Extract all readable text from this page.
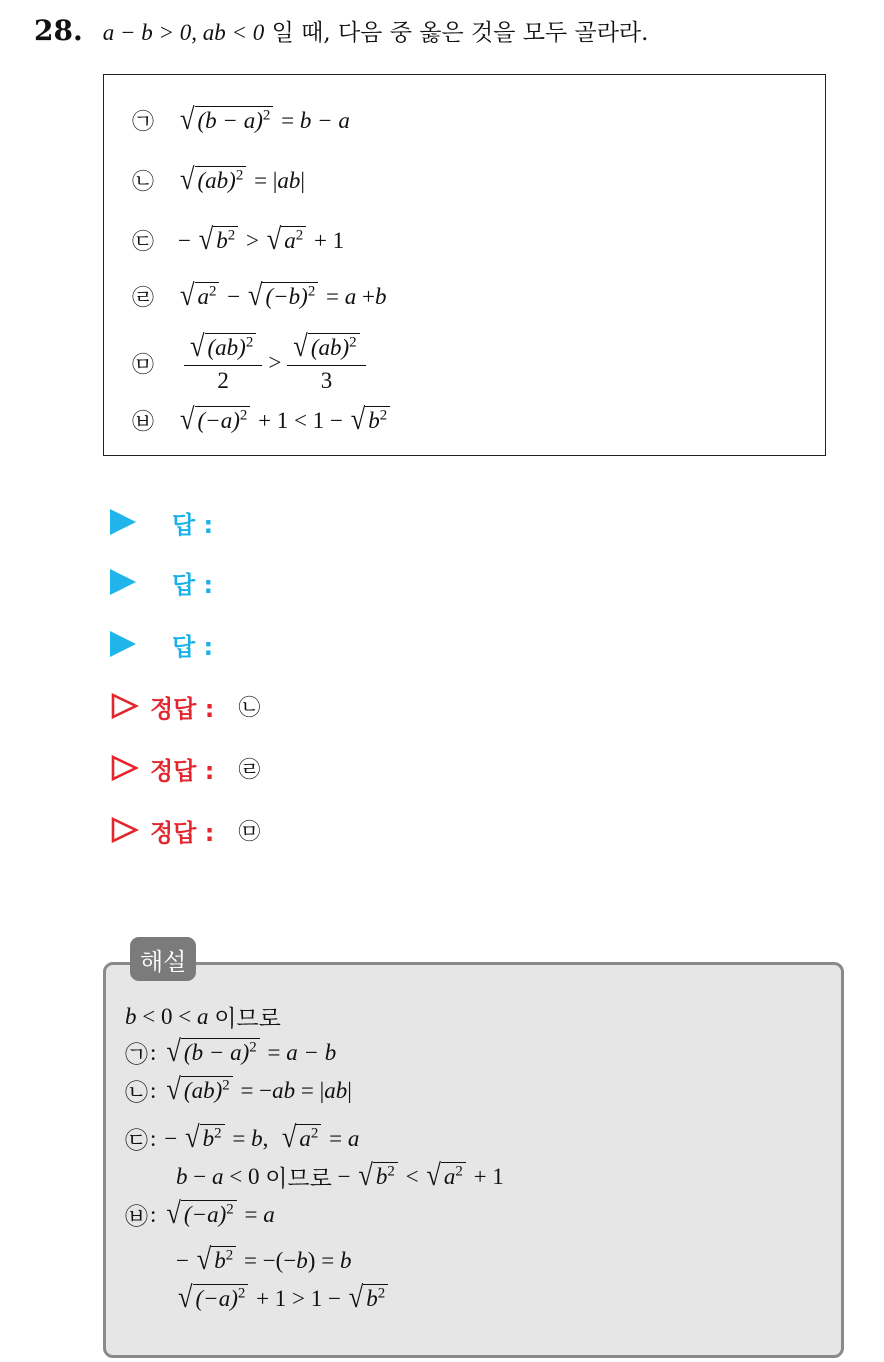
28. a − b > 0, ab < 0 일 때, 다음 중 옳은 것을 모두 골라라.
㉠ √ $(b - a)^2 = b - a$
㉡ √ (ab)$^2$ = | ab |
㉢	− √ $b^2$ > √ $a^2 + 1$
㉣ √ $a^2$ − √ $(-b)^2 = a + b$
㉤	$\frac{√ (ab)^2}{2} > \frac{√ (ab)^2}{3}$
㉥ √ $(-a)^2 + 1 < 1$ − √ $b^2$
답 :
답 :
답 :
정답 : ㉡
정답 : ㉣
정답 : ㉤
해설
b < 0 < a
이므로
㉠ : √ $(b - a)^2 = a - b$
㉡ : √ (ab)$^2$ = − ab = | ab |
㉢ : − √ $b^2 = b$ , √ $a^2 = a$
b − a < 0 이므로 − √ $b^2$ < √ $a^2 + 1$
㉥ : √ $(-a)^2 = a$
− √ $b^2$ = −(− b ) = b
√ $(-a)^2 + 1 > 1$ − √ $b^2$
